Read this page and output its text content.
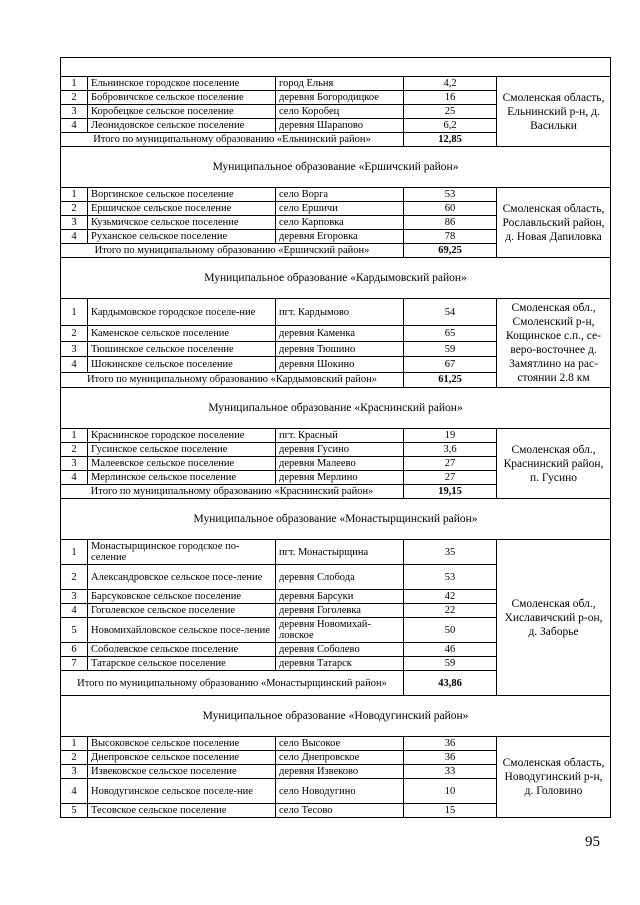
1	Ельнинское городское поселение	город Ельня	4,2	Смоленская область, Ельнинский р-н, д. Васильки
2	Бобровичское сельское поселение	деревня Богородицкое	16	
3	Коробецкое сельское поселение	село Коробец	25	
4	Леонидовское сельское поселение	деревня Шарапово	6,2	
Итого по муниципальному образованию «Ельнинский район»			12,85	
Муниципальное образование «Ершичский район»				
1	Воргинское сельское поселение	село Ворга	53	Смоленская область, Рославльский район, д. Новая Дanиловка
2	Ершичское сельское поселение	село Ершичи	60	
3	Кузьмичское сельское поселение	село Карповка	86	
4	Руханское сельское поселение	деревня Егоровка	78	
Итого по муниципальному образованию «Ершичский район»			69,25	
Муниципальное образование «Кардымовский район»				
1	Кардымовское городское поселе-ние	пгт. Кардымово	54	Смоленская обл., Смоленский р-н, Кощинское с.п., се-веро-восточнее д. Замятлино на рас-стоянии 2.8 км
2	Каменское сельское поселение	деревня Каменка	65	
3	Тюшинское сельское поселение	деревня Тюшино	59	
4	Шокинское сельское поселение	деревня Шокино	67	
Итого по муниципальному образованию «Кардымовский район»			61,25	
Муниципальное образование «Краснинский район»				
1	Краснинское городское поселение	пгт. Красный	19	Смоленская обл., Краснинский район, п. Гусино
2	Гусинское сельское поселение	деревня Гусино	3,6	
3	Малеевское сельское поселение	деревня Малеево	27	
4	Мерлинское сельское поселение	деревня Мерлино	27	
Итого по муниципальному образованию «Краснинский район»			19,15	
Муниципальное образование «Монастырщинский район»				
1	Монастырщинское городское по-селение	пгт. Монастырщина	35	Смоленская обл., Хиславичский р-он, д. Заборье
2	Александровское сельское посе-ление	деревня Слобода	53	
3	Барсуковское сельское поселение	деревня Барсуки	42	
4	Гоголевское сельское поселение	деревня Гоголевка	22	
5	Новомихайловское сельское посе-ление	деревня Новомихай-ловское	50	
6	Соболевское сельское поселение	деревня Соболево	46	
7	Татарское сельское поселение	деревня Татарск	59	
Итого по муниципальному образованию «Монастырщинский район»			43,86	
Муниципальное образование «Новодугинский район»				
1	Высоковское сельское поселение	село Высокое	36	Смоленская область, Новодугинский р-н, д. Головино
2	Днепровское сельское поселение	село Днепровское	36	
3	Извековское сельское поселение	деревня Извеково	33	
4	Новодугинское сельское поселе-ние	село Новодугино	10	
5	Тесовское сельское поселение	село Тесово	15	
95
